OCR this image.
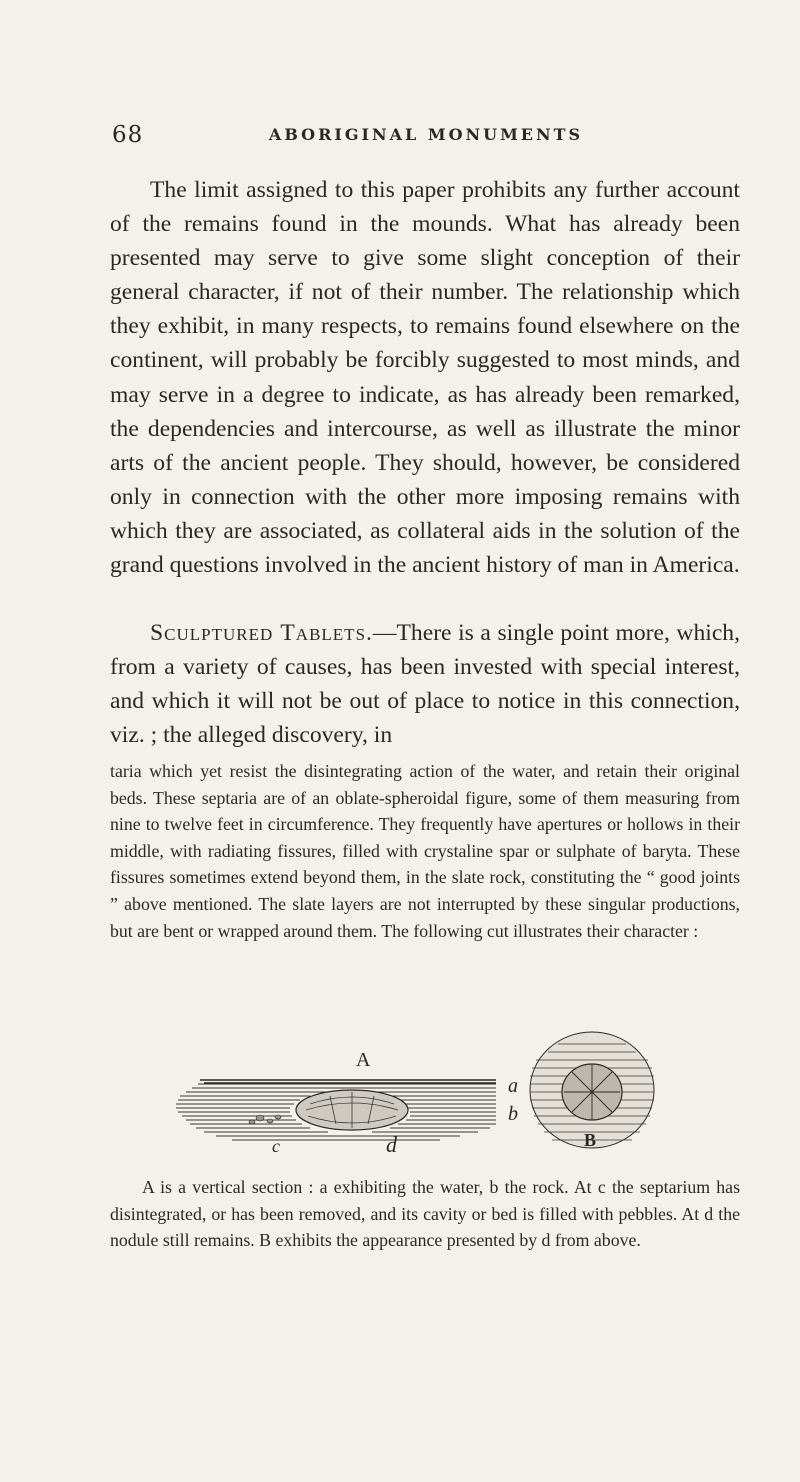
68	ABORIGINAL MONUMENTS

The limit assigned to this paper prohibits any further account of the remains found in the mounds. What has already been presented may serve to give some slight conception of their general character, if not of their number. The relationship which they exhibit, in many respects, to remains found elsewhere on the continent, will probably be forcibly suggested to most minds, and may serve in a degree to indicate, as has already been remarked, the dependencies and intercourse, as well as illustrate the minor arts of the ancient people. They should, however, be considered only in connection with the other more imposing remains with which they are associated, as collateral aids in the solution of the grand questions involved in the ancient history of man in America.

Sculptured Tablets.—There is a single point more, which, from a variety of causes, has been invested with special interest, and which it will not be out of place to notice in this connection, viz. ; the alleged discovery, in

taria which yet resist the disintegrating action of the water, and retain their original beds. These septaria are of an oblate-spheroidal figure, some of them measuring from nine to twelve feet in circumference. They frequently have apertures or hollows in their middle, with radiating fissures, filled with crystaline spar or sulphate of baryta. These fissures sometimes extend beyond them, in the slate rock, constituting the “ good joints ” above mentioned. The slate layers are not interrupted by these singular productions, but are bent or wrapped around them. The following cut illustrates their character :

A
a
b
c	d	B

A is a vertical section : a exhibiting the water, b the rock. At c the septarium has disintegrated, or has been removed, and its cavity or bed is filled with pebbles. At d the nodule still remains. B exhibits the appearance presented by d from above.
